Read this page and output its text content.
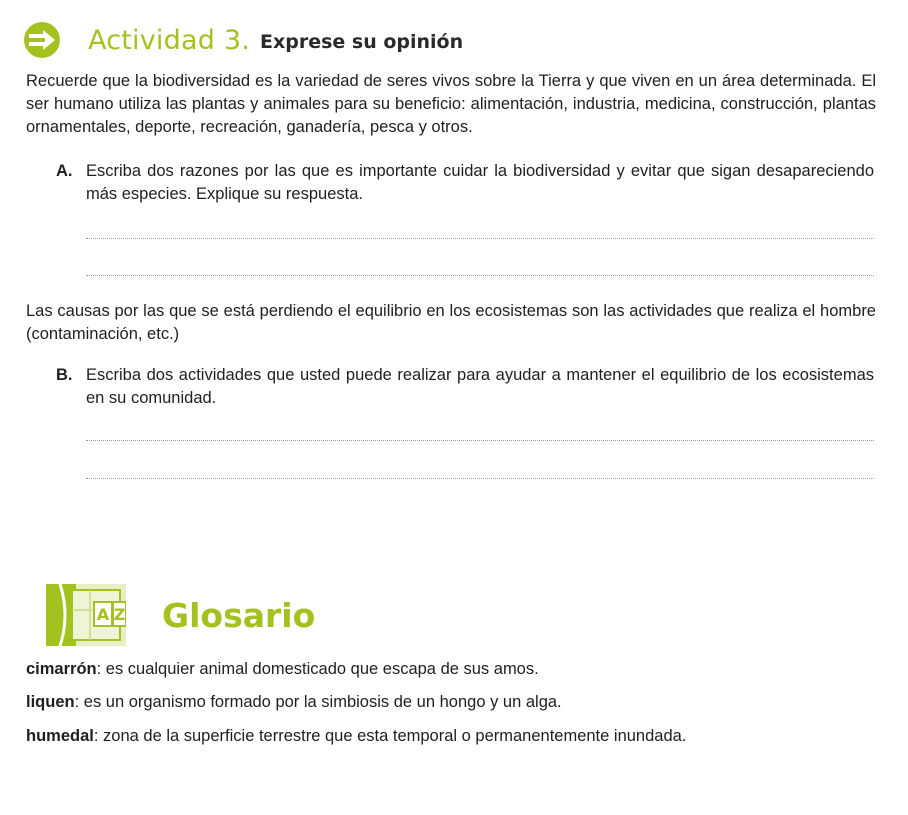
Actividad 3. Exprese su opinión

Recuerde que la biodiversidad es la variedad de seres vivos sobre la Tierra y que viven en un área determinada. El ser humano utiliza las plantas y animales para su beneficio: alimentación, industria, medicina, construcción, plantas ornamentales, deporte, recreación, ganadería, pesca y otros.

A. Escriba dos razones por las que es importante cuidar la biodiversidad y evitar que sigan desapareciendo más especies. Explique su respuesta.

Las causas por las que se está perdiendo el equilibrio en los ecosistemas son las actividades que realiza el hombre (contaminación, etc.)

B. Escriba dos actividades que usted puede realizar para ayudar a mantener el equilibrio de los ecosistemas en su comunidad.
A Z Glosario
cimarrón: es cualquier animal domesticado que escapa de sus amos.
liquen: es un organismo formado por la simbiosis de un hongo y un alga.
humedal: zona de la superficie terrestre que esta temporal o permanentemente inundada.
